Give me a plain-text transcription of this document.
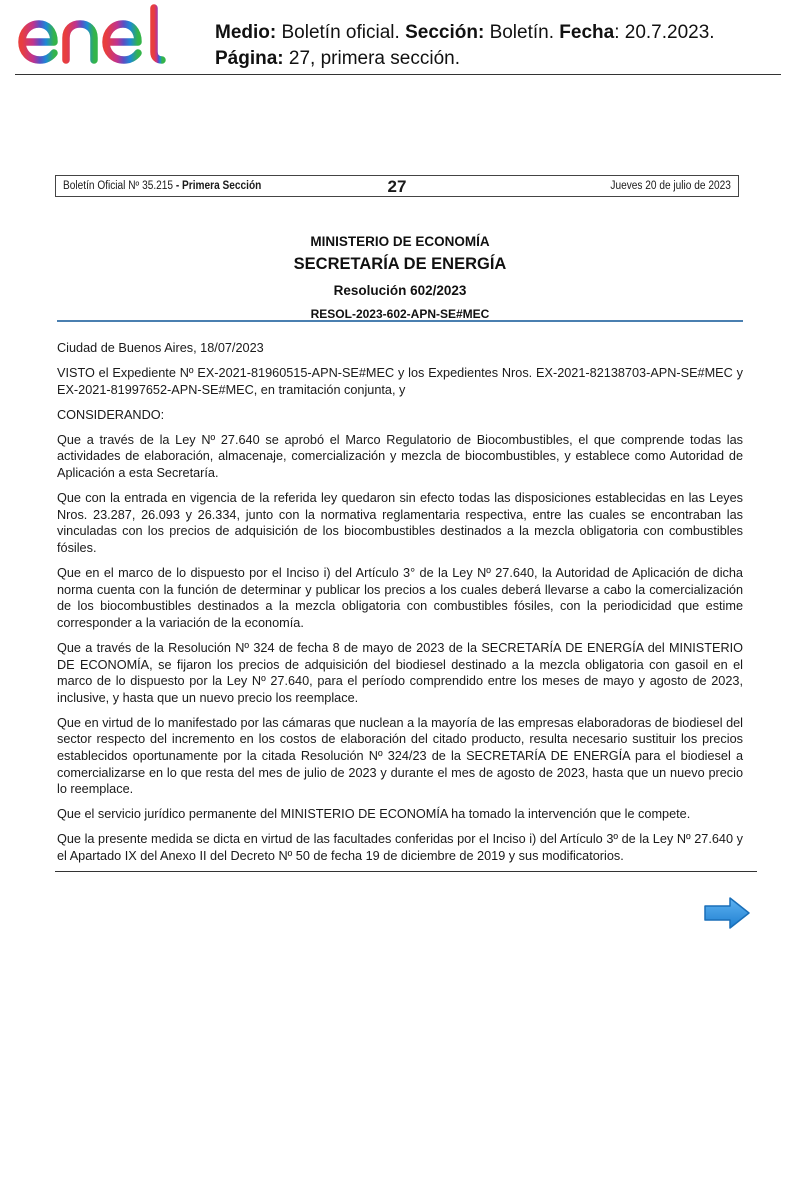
Medio: Boletín oficial. Sección: Boletín. Fecha: 20.7.2023.
Página: 27, primera sección.
Boletín Oficial Nº 35.215 - Primera Sección	27	Jueves 20 de julio de 2023
MINISTERIO DE ECONOMÍA
SECRETARÍA DE ENERGÍA
Resolución 602/2023
RESOL-2023-602-APN-SE#MEC

Ciudad de Buenos Aires, 18/07/2023

VISTO el Expediente Nº EX-2021-81960515-APN-SE#MEC y los Expedientes Nros. EX-2021-82138703-APN-SE#MEC y EX-2021-81997652-APN-SE#MEC, en tramitación conjunta, y

CONSIDERANDO:

Que a través de la Ley Nº 27.640 se aprobó el Marco Regulatorio de Biocombustibles, el que comprende todas las actividades de elaboración, almacenaje, comercialización y mezcla de biocombustibles, y establece como Autoridad de Aplicación a esta Secretaría.

Que con la entrada en vigencia de la referida ley quedaron sin efecto todas las disposiciones establecidas en las Leyes Nros. 23.287, 26.093 y 26.334, junto con la normativa reglamentaria respectiva, entre las cuales se encontraban las vinculadas con los precios de adquisición de los biocombustibles destinados a la mezcla obligatoria con combustibles fósiles.

Que en el marco de lo dispuesto por el Inciso i) del Artículo 3° de la Ley Nº 27.640, la Autoridad de Aplicación de dicha norma cuenta con la función de determinar y publicar los precios a los cuales deberá llevarse a cabo la comercialización de los biocombustibles destinados a la mezcla obligatoria con combustibles fósiles, con la periodicidad que estime corresponder a la variación de la economía.

Que a través de la Resolución Nº 324 de fecha 8 de mayo de 2023 de la SECRETARÍA DE ENERGÍA del MINISTERIO DE ECONOMÍA, se fijaron los precios de adquisición del biodiesel destinado a la mezcla obligatoria con gasoil en el marco de lo dispuesto por la Ley Nº 27.640, para el período comprendido entre los meses de mayo y agosto de 2023, inclusive, y hasta que un nuevo precio los reemplace.

Que en virtud de lo manifestado por las cámaras que nuclean a la mayoría de las empresas elaboradoras de biodiesel del sector respecto del incremento en los costos de elaboración del citado producto, resulta necesario sustituir los precios establecidos oportunamente por la citada Resolución Nº 324/23 de la SECRETARÍA DE ENERGÍA para el biodiesel a comercializarse en lo que resta del mes de julio de 2023 y durante el mes de agosto de 2023, hasta que un nuevo precio lo reemplace.

Que el servicio jurídico permanente del MINISTERIO DE ECONOMÍA ha tomado la intervención que le compete.

Que la presente medida se dicta en virtud de las facultades conferidas por el Inciso i) del Artículo 3º de la Ley Nº 27.640 y el Apartado IX del Anexo II del Decreto Nº 50 de fecha 19 de diciembre de 2019 y sus modificatorios.
